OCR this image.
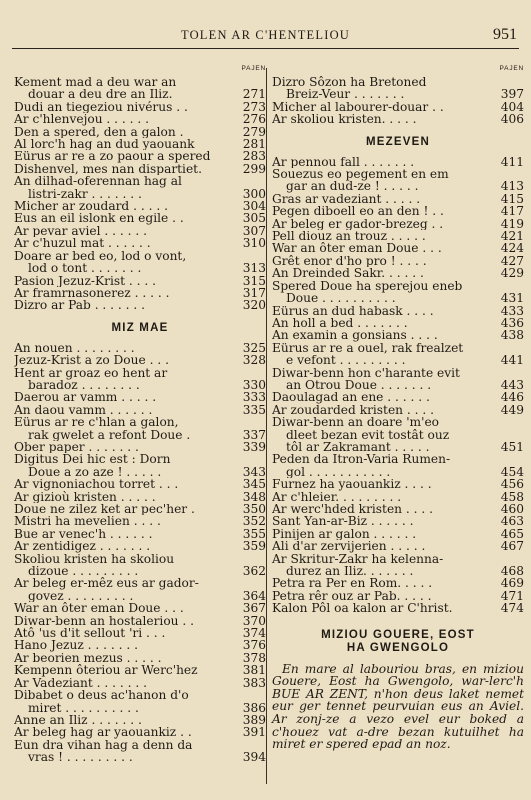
TOLEN AR C'HENTELIOU	951
PAJEN
Kement mad a deu war an
douar a deu dre an Iliz.	271
Dudi an tiegeziou nivérus . .	273
Ar c'hlenvejou . . . . . .	276
Den a spered, den a galon .	279
Al lorc'h hag an dud yaouank	281
Eürus ar re a zo paour a spered	283
Dishenvel, mes nan dispartiet.	299
An dilhad-oferennan hag al
listri-zakr . . . . . . .	300
Micher ar zoudard . . . . .	304
Eus an eil islonk en egile . .	305
Ar pevar aviel . . . . . .	307
Ar c'huzul mat . . . . . .	310
Doare ar bed eo, lod o vont,
lod o tont . . . . . . .	313
Pasion Jezuz-Krist . . . .	315
Ar framrnasonerez . . . . .	317
Dizro ar Pab . . . . . . .	320
MIZ MAE
An nouen . . . . . . . .	325
Jezuz-Krist a zo Doue . . .	328
Hent ar groaz eo hent ar
baradoz . . . . . . . .	330
Daerou ar vamm . . . . .	333
An daou vamm . . . . . .	335
Eürus ar re c'hlan a galon,
rak gwelet a refont Doue .	337
Ober paper . . . . . . .	339
Digitus Dei hic est : Dorn
Doue a zo aze ! . . . . .	343
Ar vignoniachou torret . . .	345
Ar gizioù kristen . . . . .	348
Doue ne zilez ket ar pec'her .	350
Mistri ha mevelien . . . .	352
Bue ar venec'h . . . . . .	355
Ar zentidigez . . . . . . .	359
Skoliou kristen ha skoliou
dizoue . . . . . . . . .	362
Ar beleg er-mêz eus ar gador-
govez . . . . . . . . .	364
War an ôter eman Doue . . .	367
Diwar-benn an hostaleriou . .	370
Atô 'us d'it sellout 'ri . . .	374
Hano Jezuz . . . . . . .	376
Ar beorien mezus . . . . .	378
Kempenn ôteriou ar Werc'hez	381
Ar Vadeziant . . . . . . .	383
Dibabet o deus ac'hanon d'o
miret . . . . . . . . . .	386
Anne an Iliz . . . . . . .	389
Ar beleg hag ar yaouankiz . .	391
Eun dra vihan hag a denn da
vras ! . . . . . . . . .	394
PAJEN
Dizro Sôzon ha Bretoned
Breiz-Veur . . . . . . .	397
Micher al labourer-douar . .	404
Ar skoliou kristen. . . . .	406
MEZEVEN
Ar pennou fall . . . . . . .	411
Souezus eo pegement en em
gar an dud-ze ! . . . . .	413
Gras ar vadeziant . . . . .	415
Pegen diboell eo an den ! . .	417
Ar beleg er gador-brezeg . .	419
Pell diouz an trouz . . . . .	421
War an ôter eman Doue . . .	424
Grêt enor d'ho pro ! . . . .	427
An Dreinded Sakr. . . . . .	429
Spered Doue ha sperejou eneb
Doue . . . . . . . . . .	431
Eürus an dud habask . . . .	433
An holl a bed . . . . . . .	436
An examin a gonsians . . . .	438
Eürus ar re a ouel, rak frealzet
e vefont . . . . . . . . .	441
Diwar-benn hon c'harante evit
an Otrou Doue . . . . . . .	443
Daoulagad an ene . . . . . .	446
Ar zoudarded kristen . . . .	449
Diwar-benn an doare 'm'eo
dleet bezan evit tostât ouz
tôl ar Zakramant . . . . .	451
Peden da Itron-Varia Rumen-
gol . . . . . . . . . . .	454
Furnez ha yaouankiz . . . .	456
Ar c'hleier. . . . . . . . .	458
Ar werc'hded kristen . . . .	460
Sant Yan-ar-Biz . . . . . .	463
Pinijen ar galon . . . . . .	465
Ali d'ar zervijerien . . . . .	467
Ar Skritur-Zakr ha kelenna-
durez an Iliz. . . . . . .	468
Petra ra Per en Rom. . . . .	469
Petra rêr ouz ar Pab. . . . .	471
Kalon Pôl oa kalon ar C'hrist.	474
MIZIOU GOUERE, EOST
HA GWENGOLO
En mare al labouriou bras, en miziou Gouere, Eost ha Gwengolo, war-lerc'h BUE AR ZENT, n'hon deus laket nemet eur ger tennet peurvuian eus an Aviel. Ar zonj-ze a vezo evel eur boked a c'houez vat a-dre bezan kutuilhet ha miret er spered epad an noz.
